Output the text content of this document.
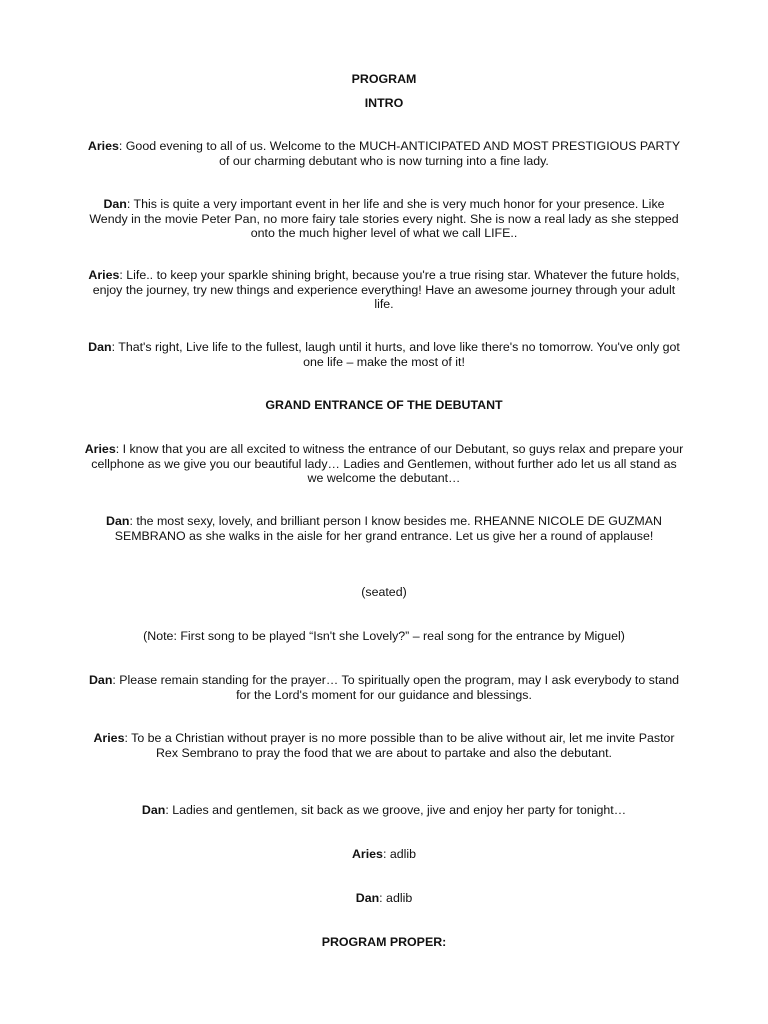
PROGRAM
INTRO
Aries: Good evening to all of us. Welcome to the MUCH-ANTICIPATED AND MOST PRESTIGIOUS PARTY of our charming debutant who is now turning into a fine lady.
Dan: This is quite a very important event in her life and she is very much honor for your presence. Like Wendy in the movie Peter Pan, no more fairy tale stories every night. She is now a real lady as she stepped onto the much higher level of what we call LIFE..
Aries: Life.. to keep your sparkle shining bright, because you're a true rising star. Whatever the future holds, enjoy the journey, try new things and experience everything! Have an awesome journey through your adult life.
Dan: That's right, Live life to the fullest, laugh until it hurts, and love like there's no tomorrow. You've only got one life – make the most of it!
GRAND ENTRANCE OF THE DEBUTANT
Aries: I know that you are all excited to witness the entrance of our Debutant, so guys relax and prepare your cellphone as we give you our beautiful lady… Ladies and Gentlemen, without further ado let us all stand as we welcome the debutant…
Dan: the most sexy, lovely, and brilliant person I know besides me. RHEANNE NICOLE DE GUZMAN SEMBRANO as she walks in the aisle for her grand entrance. Let us give her a round of applause!
(seated)
(Note: First song to be played “Isn't she Lovely?” – real song for the entrance by Miguel)
Dan: Please remain standing for the prayer… To spiritually open the program, may I ask everybody to stand for the Lord's moment for our guidance and blessings.
Aries: To be a Christian without prayer is no more possible than to be alive without air, let me invite Pastor Rex Sembrano to pray the food that we are about to partake and also the debutant.
Dan: Ladies and gentlemen, sit back as we groove, jive and enjoy her party for tonight…
Aries: adlib
Dan: adlib
PROGRAM PROPER:
